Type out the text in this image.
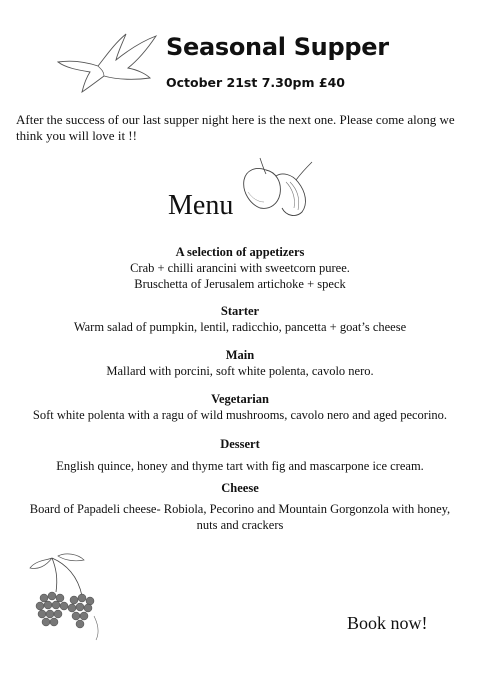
Seasonal Supper
October 21st 7.30pm £40

After the success of our last supper night here is the next one. Please come along we think you will love it !!

Menu
A selection of appetizers
Crab + chilli arancini with sweetcorn puree.
Bruschetta of Jerusalem artichoke + speck
Starter
Warm salad of pumpkin, lentil, radicchio, pancetta + goat’s cheese
Main
Mallard with porcini, soft white polenta, cavolo nero.
Vegetarian
Soft white polenta with a ragu of wild mushrooms, cavolo nero and aged pecorino.
Dessert
English quince, honey and thyme tart with fig and mascarpone ice cream.
Cheese
Board of Papadeli cheese- Robiola, Pecorino and Mountain Gorgonzola with honey, nuts and crackers
Book now!
